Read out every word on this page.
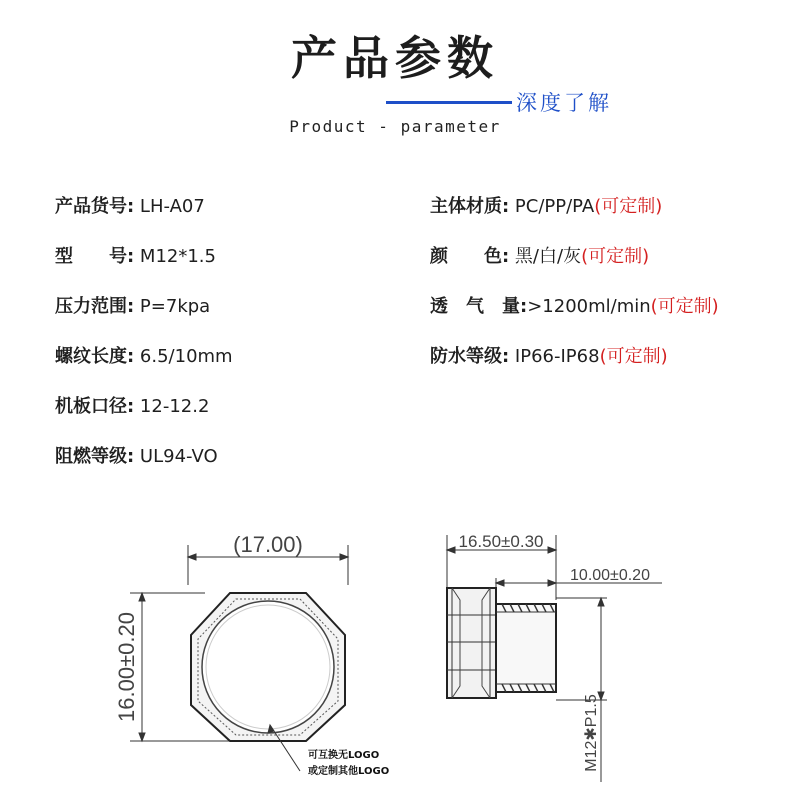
产品参数
深度了解
Product - parameter
产品货号: LH-A07
型　　号: M12*1.5
压力范围: P=7kpa
螺纹长度: 6.5/10mm
机板口径: 12-12.2
阻燃等级: UL94-VO
主体材质: PC/PP/PA(可定制)
颜　　色: 黑/白/灰(可定制)
透　气　量:>1200ml/min(可定制)
防水等级: IP66-IP68(可定制)
(17.00)
16.00±0.20
16.50±0.30
10.00±0.20
M12✱P1.5
可互换无LOGO
或定制其他LOGO
